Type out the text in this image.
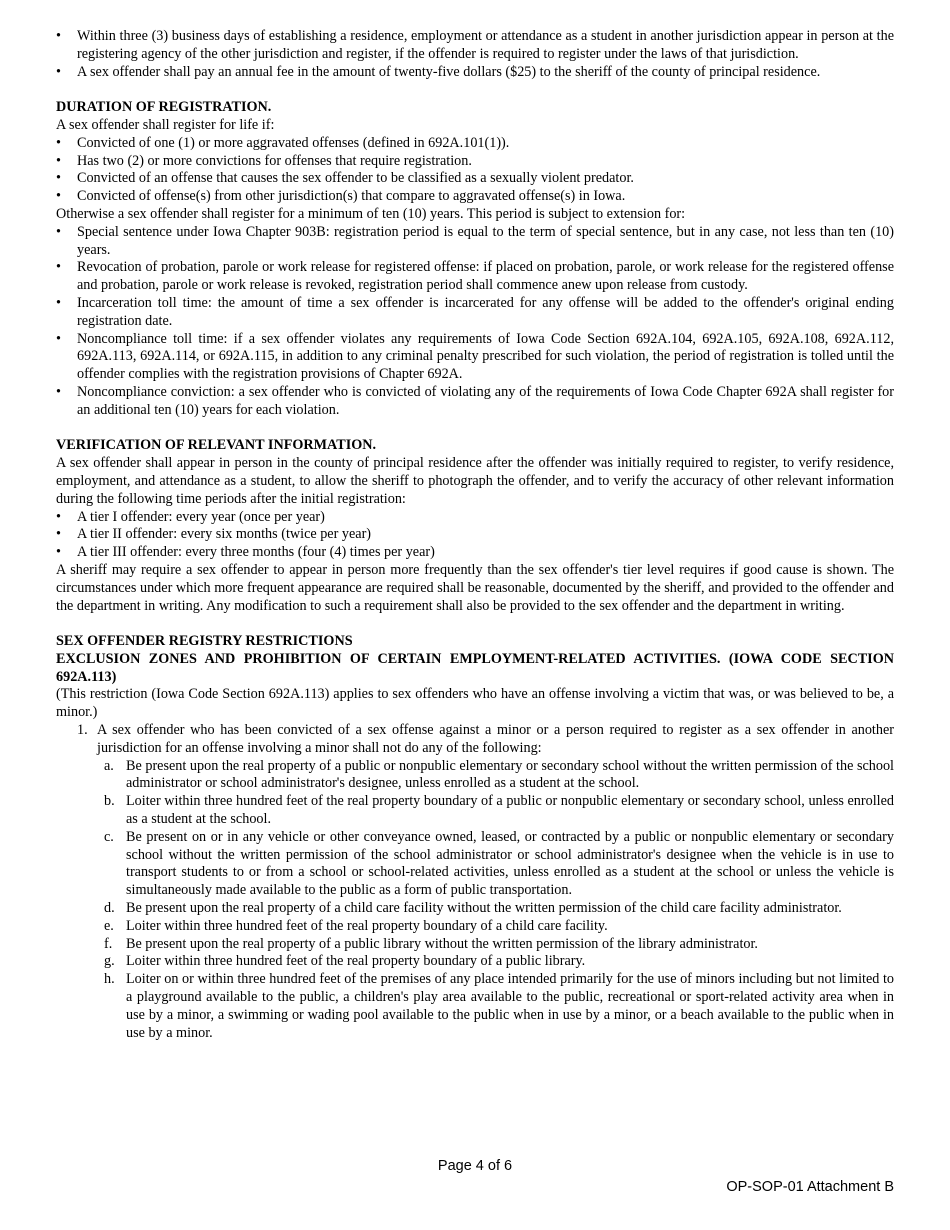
• Within three (3) business days of establishing a residence, employment or attendance as a student in another jurisdiction appear in person at the registering agency of the other jurisdiction and register, if the offender is required to register under the laws of that jurisdiction.
• A sex offender shall pay an annual fee in the amount of twenty-five dollars ($25) to the sheriff of the county of principal residence.

DURATION OF REGISTRATION.

A sex offender shall register for life if:

• Convicted of one (1) or more aggravated offenses (defined in 692A.101(1)).
• Has two (2) or more convictions for offenses that require registration.
• Convicted of an offense that causes the sex offender to be classified as a sexually violent predator.
• Convicted of offense(s) from other jurisdiction(s) that compare to aggravated offense(s) in Iowa.

Otherwise a sex offender shall register for a minimum of ten (10) years. This period is subject to extension for:

• Special sentence under Iowa Chapter 903B: registration period is equal to the term of special sentence, but in any case, not less than ten (10) years.
• Revocation of probation, parole or work release for registered offense: if placed on probation, parole, or work release for the registered offense and probation, parole or work release is revoked, registration period shall commence anew upon release from custody.
• Incarceration toll time: the amount of time a sex offender is incarcerated for any offense will be added to the offender's original ending registration date.
• Noncompliance toll time: if a sex offender violates any requirements of Iowa Code Section 692A.104, 692A.105, 692A.108, 692A.112, 692A.113, 692A.114, or 692A.115, in addition to any criminal penalty prescribed for such violation, the period of registration is tolled until the offender complies with the registration provisions of Chapter 692A.
• Noncompliance conviction: a sex offender who is convicted of violating any of the requirements of Iowa Code Chapter 692A shall register for an additional ten (10) years for each violation.

VERIFICATION OF RELEVANT INFORMATION.

A sex offender shall appear in person in the county of principal residence after the offender was initially required to register, to verify residence, employment, and attendance as a student, to allow the sheriff to photograph the offender, and to verify the accuracy of other relevant information during the following time periods after the initial registration:

• A tier I offender: every year (once per year)
• A tier II offender: every six months (twice per year)
• A tier III offender: every three months (four (4) times per year)

A sheriff may require a sex offender to appear in person more frequently than the sex offender's tier level requires if good cause is shown. The circumstances under which more frequent appearance are required shall be reasonable, documented by the sheriff, and provided to the offender and the department in writing. Any modification to such a requirement shall also be provided to the sex offender and the department in writing.

SEX OFFENDER REGISTRY RESTRICTIONS

EXCLUSION ZONES AND PROHIBITION OF CERTAIN EMPLOYMENT-RELATED ACTIVITIES. (IOWA CODE SECTION 692A.113)

(This restriction (Iowa Code Section 692A.113) applies to sex offenders who have an offense involving a victim that was, or was believed to be, a minor.)

1. A sex offender who has been convicted of a sex offense against a minor or a person required to register as a sex offender in another jurisdiction for an offense involving a minor shall not do any of the following:
a. Be present upon the real property of a public or nonpublic elementary or secondary school without the written permission of the school administrator or school administrator's designee, unless enrolled as a student at the school.
b. Loiter within three hundred feet of the real property boundary of a public or nonpublic elementary or secondary school, unless enrolled as a student at the school.
c. Be present on or in any vehicle or other conveyance owned, leased, or contracted by a public or nonpublic elementary or secondary school without the written permission of the school administrator or school administrator's designee when the vehicle is in use to transport students to or from a school or school-related activities, unless enrolled as a student at the school or unless the vehicle is simultaneously made available to the public as a form of public transportation.
d. Be present upon the real property of a child care facility without the written permission of the child care facility administrator.
e. Loiter within three hundred feet of the real property boundary of a child care facility.
f. Be present upon the real property of a public library without the written permission of the library administrator.
g. Loiter within three hundred feet of the real property boundary of a public library.
h. Loiter on or within three hundred feet of the premises of any place intended primarily for the use of minors including but not limited to a playground available to the public, a children's play area available to the public, recreational or sport-related activity area when in use by a minor, a swimming or wading pool available to the public when in use by a minor, or a beach available to the public when in use by a minor.
Page 4 of 6
OP-SOP-01 Attachment B
